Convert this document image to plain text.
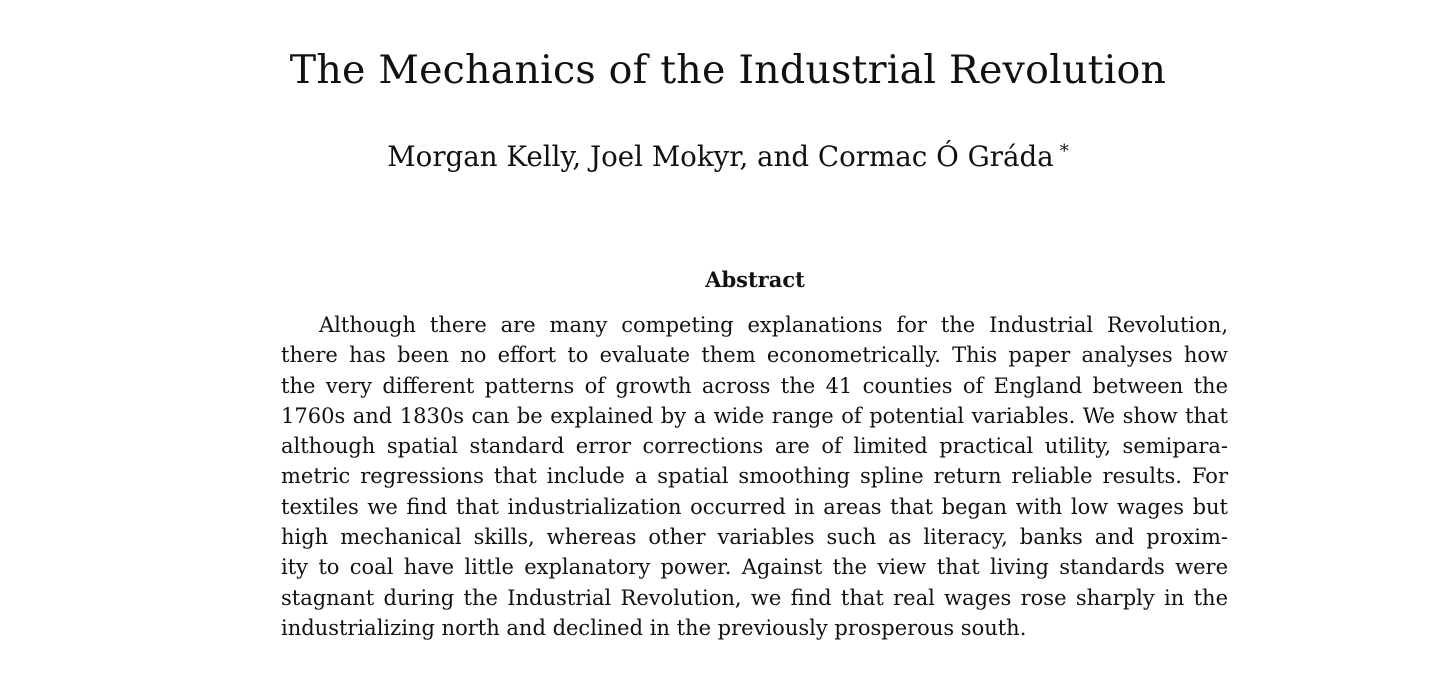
The Mechanics of the Industrial Revolution
Morgan Kelly, Joel Mokyr, and Cormac Ó Gráda *
Abstract
Although there are many competing explanations for the Industrial Revolution,
there has been no effort to evaluate them econometrically. This paper analyses how
the very different patterns of growth across the 41 counties of England between the
1760s and 1830s can be explained by a wide range of potential variables. We show that
although spatial standard error corrections are of limited practical utility, semipara-
metric regressions that include a spatial smoothing spline return reliable results. For
textiles we find that industrialization occurred in areas that began with low wages but
high mechanical skills, whereas other variables such as literacy, banks and proxim-
ity to coal have little explanatory power. Against the view that living standards were
stagnant during the Industrial Revolution, we find that real wages rose sharply in the
industrializing north and declined in the previously prosperous south.
